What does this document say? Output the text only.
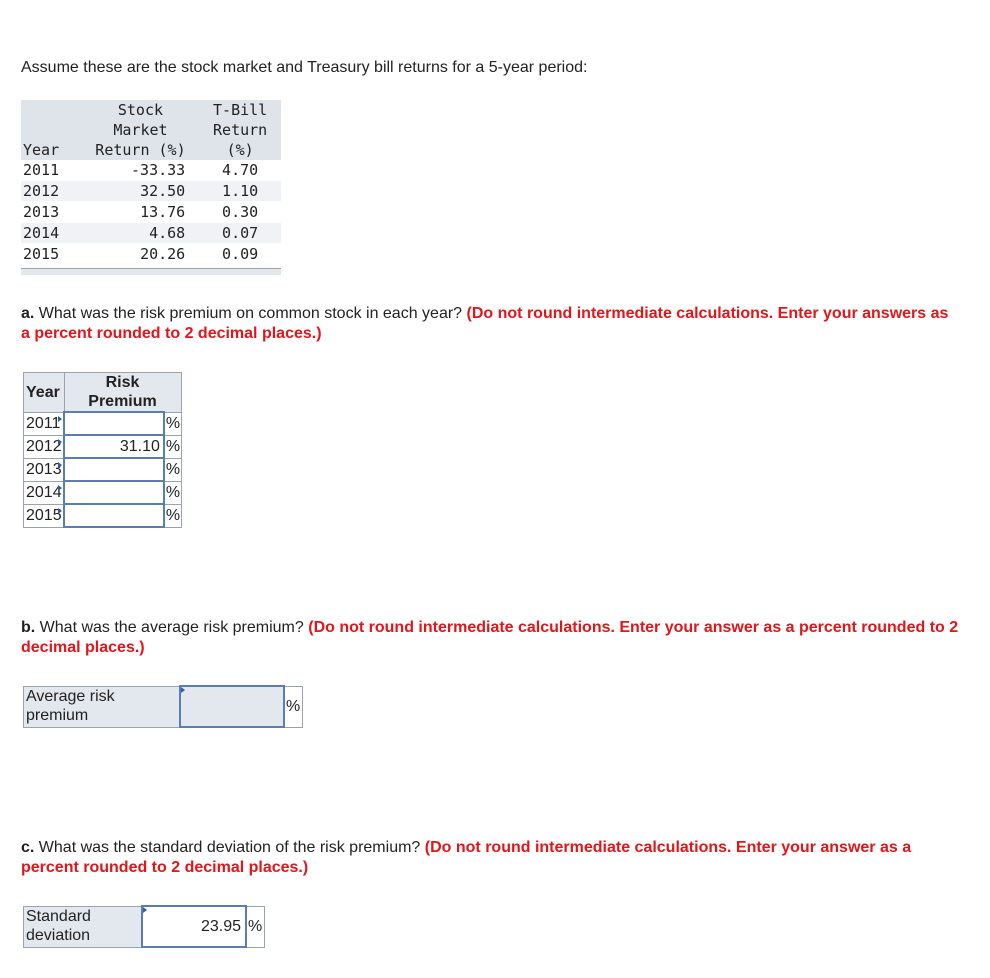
Assume these are the stock market and Treasury bill returns for a 5-year period:
	Stock	T-Bill
	Market	Return
Year	Return (%)	(%)
2011	-33.33	4.70
2012	32.50	1.10
2013	13.76	0.30
2014	4.68	0.07
2015	20.26	0.09
a. What was the risk premium on common stock in each year? (Do not round intermediate calculations. Enter your answers as a percent rounded to 2 decimal places.)
Year	Risk
Premium	
2011		%
2012	31.10	%
2013		%
2014		%
2015		%
b. What was the average risk premium? (Do not round intermediate calculations. Enter your answer as a percent rounded to 2 decimal places.)
Average risk
premium		%
c. What was the standard deviation of the risk premium? (Do not round intermediate calculations. Enter your answer as a percent rounded to 2 decimal places.)
Standard
deviation	23.95	%
